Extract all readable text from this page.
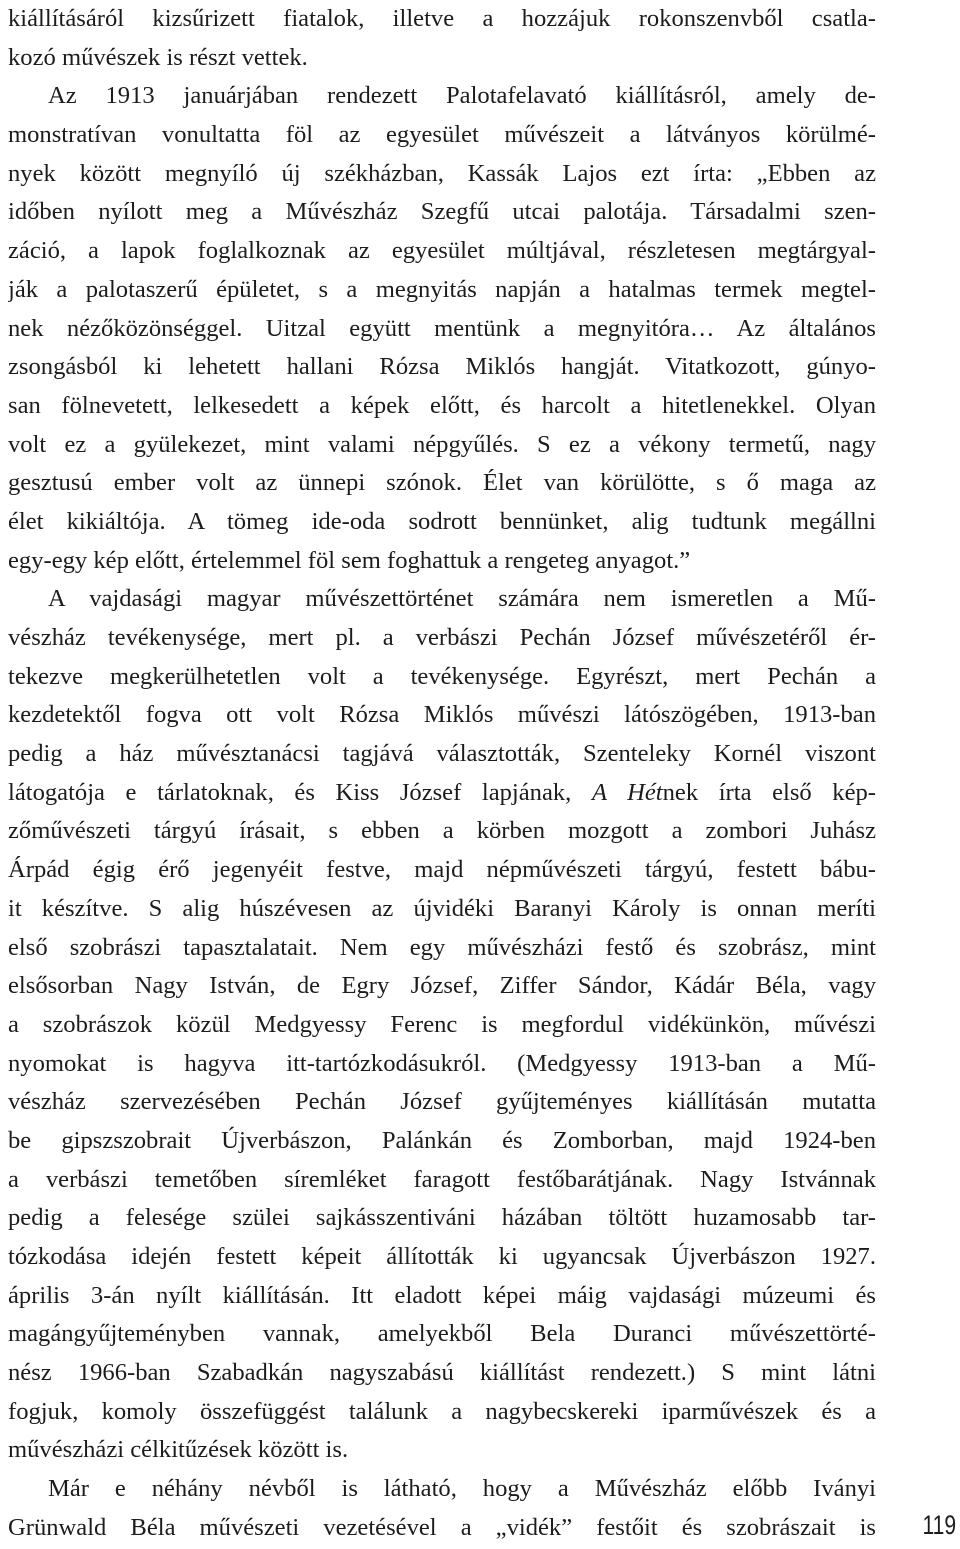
kiállításáról kizsűrizett fiatalok, illetve a hozzájuk rokonszenvből csatla-
kozó művészek is részt vettek.
Az 1913 januárjában rendezett Palotafelavató kiállításról, amely de-
monstratívan vonultatta föl az egyesület művészeit a látványos körülmé-
nyek között megnyíló új székházban, Kassák Lajos ezt írta: „Ebben az
időben nyílott meg a Művészház Szegfű utcai palotája. Társadalmi szen-
záció, a lapok foglalkoznak az egyesület múltjával, részletesen megtárgyal-
ják a palotaszerű épületet, s a megnyitás napján a hatalmas termek megtel-
nek nézőközönséggel. Uitzal együtt mentünk a megnyitóra… Az általános
zsongásból ki lehetett hallani Rózsa Miklós hangját. Vitatkozott, gúnyo-
san fölnevetett, lelkesedett a képek előtt, és harcolt a hitetlenekkel. Olyan
volt ez a gyülekezet, mint valami népgyűlés. S ez a vékony termetű, nagy
gesztusú ember volt az ünnepi szónok. Élet van körülötte, s ő maga az
élet kikiáltója. A tömeg ide-oda sodrott bennünket, alig tudtunk megállni
egy-egy kép előtt, értelemmel föl sem foghattuk a rengeteg anyagot.”
A vajdasági magyar művészettörténet számára nem ismeretlen a Mű-
vészház tevékenysége, mert pl. a verbászi Pechán József művészetéről ér-
tekezve megkerülhetetlen volt a tevékenysége. Egyrészt, mert Pechán a
kezdetektől fogva ott volt Rózsa Miklós művészi látószögében, 1913-ban
pedig a ház művésztanácsi tagjává választották, Szenteleky Kornél viszont
látogatója e tárlatoknak, és Kiss József lapjának, A Hétnek írta első kép-
zőművészeti tárgyú írásait, s ebben a körben mozgott a zombori Juhász
Árpád égig érő jegenyéit festve, majd népművészeti tárgyú, festett bábu-
it készítve. S alig húszévesen az újvidéki Baranyi Károly is onnan meríti
első szobrászi tapasztalatait. Nem egy művészházi festő és szobrász, mint
elsősorban Nagy István, de Egry József, Ziffer Sándor, Kádár Béla, vagy
a szobrászok közül Medgyessy Ferenc is megfordul vidékünkön, művészi
nyomokat is hagyva itt-tartózkodásukról. (Medgyessy 1913-ban a Mű-
vészház szervezésében Pechán József gyűjteményes kiállításán mutatta
be gipszszobrait Újverbászon, Palánkán és Zomborban, majd 1924-ben
a verbászi temetőben síremléket faragott festőbarátjának. Nagy Istvánnak
pedig a felesége szülei sajkásszentiváni házában töltött huzamosabb tar-
tózkodása idején festett képeit állították ki ugyancsak Újverbászon 1927.
április 3-án nyílt kiállításán. Itt eladott képei máig vajdasági múzeumi és
magángyűjteményben vannak, amelyekből Bela Duranci művészettörté-
nész 1966-ban Szabadkán nagyszabású kiállítást rendezett.) S mint látni
fogjuk, komoly összefüggést találunk a nagybecskereki iparművészek és a
művészházi célkitűzések között is.
Már e néhány névből is látható, hogy a Művészház előbb Iványi
Grünwald Béla művészeti vezetésével a „vidék” festőit és szobrászait is 119
